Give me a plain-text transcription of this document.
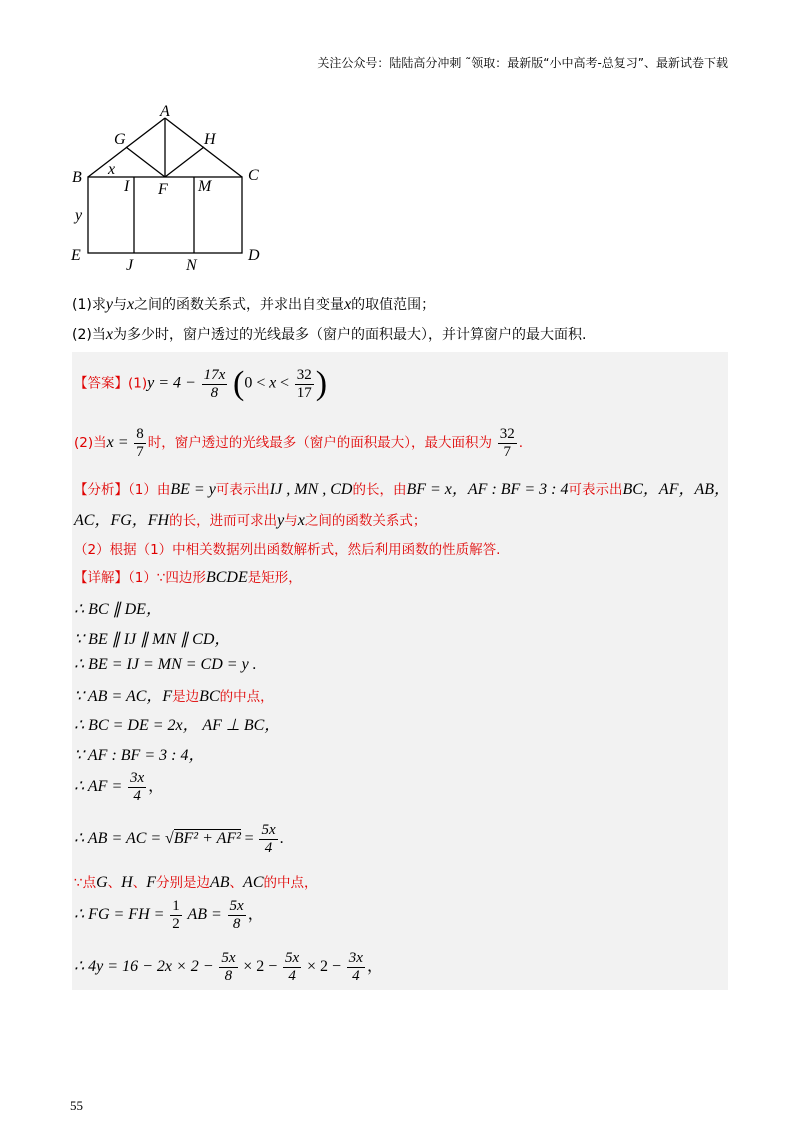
关注公众号：陆陆高分冲刺 ˜领取：最新版“小中高考-总复习”、最新试卷下载
A
G	H
B	C
x
I F M
y
E	D
J	N
(1)求y与x之间的函数关系式，并求出自变量x的取值范围；
(2)当x为多少时，窗户透过的光线最多（窗户的面积最大），并计算窗户的最大面积.
【答案】$(1)y = 4 - \frac{17x}{8} (0 < x < \frac{32}{17}$ )
(2)当$x = \frac{8}{7}$ 时，窗户透过的光线最多（窗户的面积最大），最大面积为 $\frac{32}{7}$ .
【分析】（1）由BE = y可表示出IJ , MN , CD的长，由BF = x，AF : BF = 3 : 4可表示出BC，AF，AB，
AC，FG，FH的长，进而可求出y与x之间的函数关系式；
（2）根据（1）中相关数据列出函数解析式，然后利用函数的性质解答.
【详解】（1）∵四边形BCDE是矩形，
∴ BC ∥ DE，
∵ BE ∥ IJ ∥ MN ∥ CD，
∴ BE = IJ = MN = CD = y .
∵ AB = AC，F是边BC的中点，
∴ BC = DE = 2x， AF ⊥ BC，
∵ AF : BF = 3 : 4，
∴ AF = $\frac{3x}{4}$ ，
∴ AB = AC = $√BF^2 + AF^2 = \frac{5x}{4}$ .
∵点G、H、F分别是边AB、AC的中点，
∴ FG = FH = $\frac{1}{2}$ AB = $\frac{5x}{8}$ ，
∴ $4y = 16 - 2x \times 2 - \frac{5x}{8} \times 2 - \frac{5x}{4} \times 2 - \frac{3x}{4}$ ，
55
